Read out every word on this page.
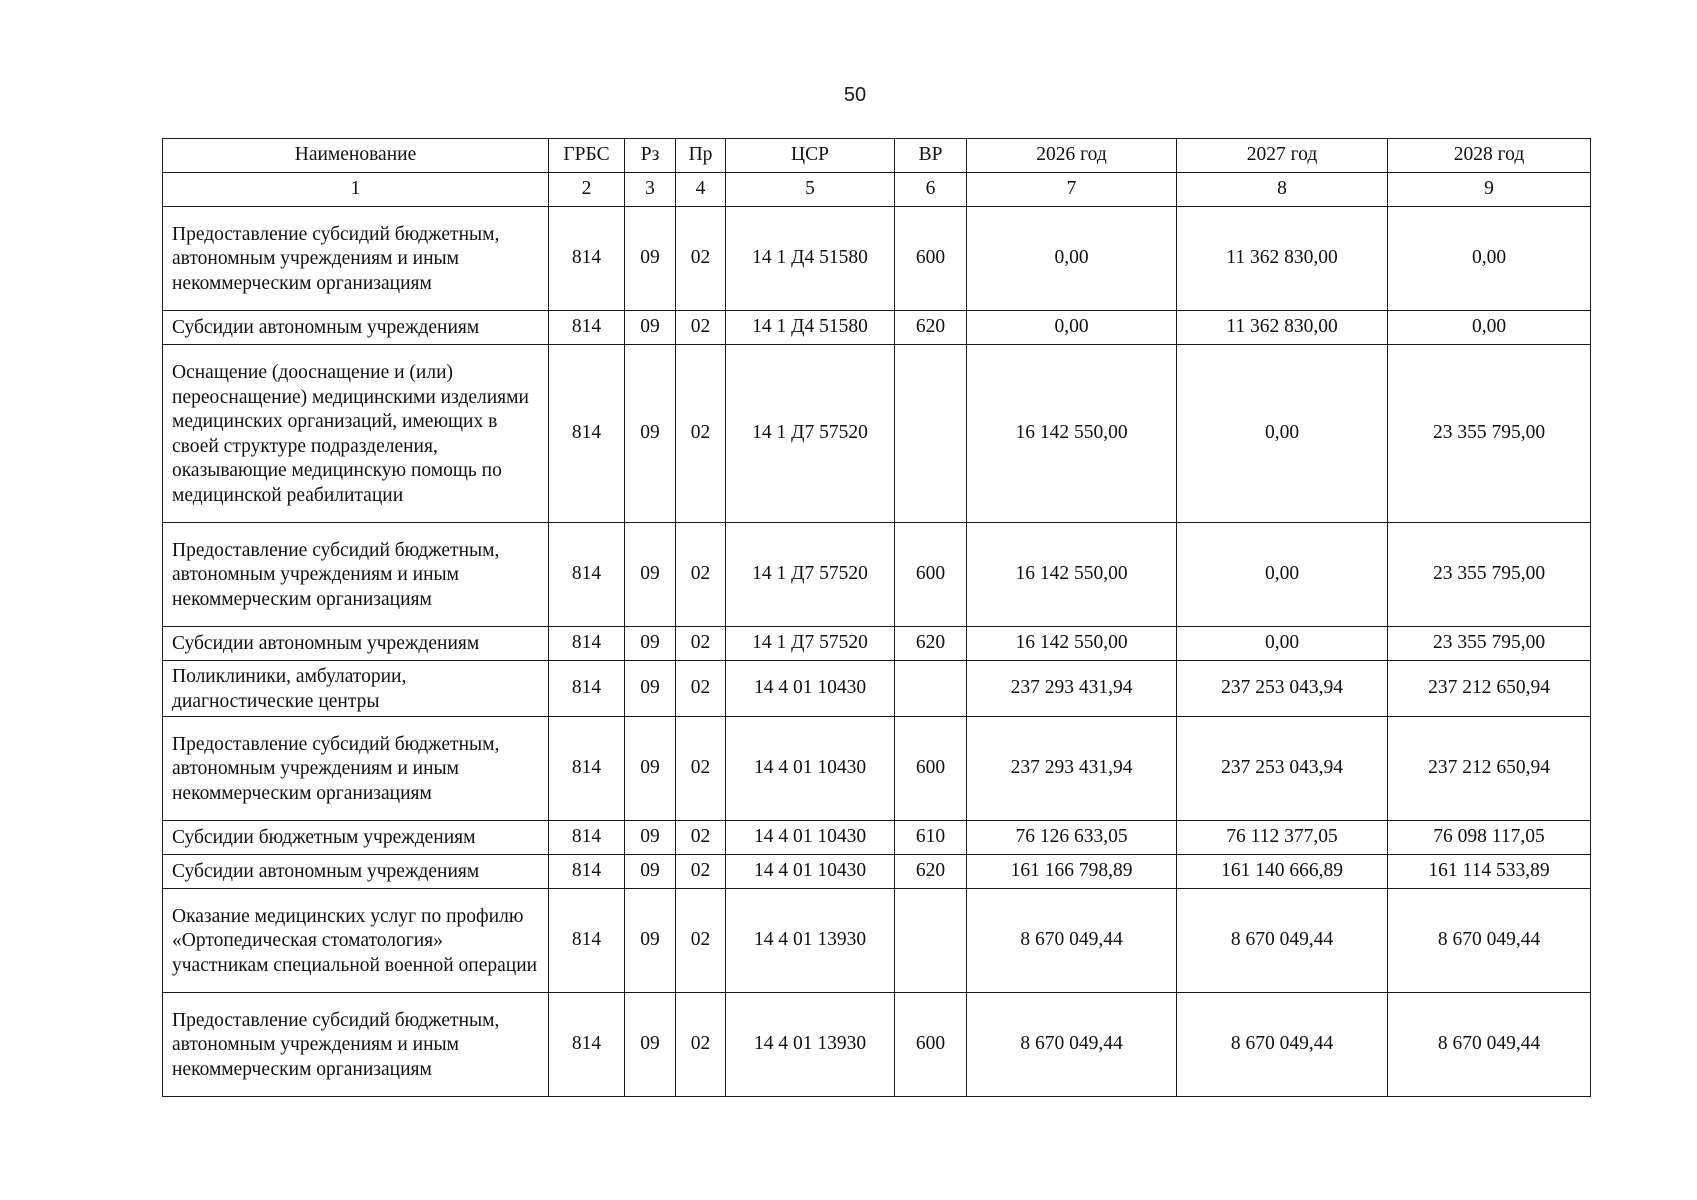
50
Наименование	ГРБС	Рз	Пр	ЦСР	ВР	2026 год	2027 год	2028 год
1	2	3	4	5	6	7	8	9
Предоставление субсидий бюджетным, автономным учреждениям и иным некоммерческим организациям	814	09	02	14 1 Д4 51580	600	0,00	11 362 830,00	0,00
Субсидии автономным учреждениям	814	09	02	14 1 Д4 51580	620	0,00	11 362 830,00	0,00
Оснащение (дооснащение и (или) переоснащение) медицинскими изделиями медицинских организаций, имеющих в своей структуре подразделения, оказывающие медицинскую помощь по медицинской реабилитации	814	09	02	14 1 Д7 57520		16 142 550,00	0,00	23 355 795,00
Предоставление субсидий бюджетным, автономным учреждениям и иным некоммерческим организациям	814	09	02	14 1 Д7 57520	600	16 142 550,00	0,00	23 355 795,00
Субсидии автономным учреждениям	814	09	02	14 1 Д7 57520	620	16 142 550,00	0,00	23 355 795,00
Поликлиники, амбулатории, диагностические центры	814	09	02	14 4 01 10430		237 293 431,94	237 253 043,94	237 212 650,94
Предоставление субсидий бюджетным, автономным учреждениям и иным некоммерческим организациям	814	09	02	14 4 01 10430	600	237 293 431,94	237 253 043,94	237 212 650,94
Субсидии бюджетным учреждениям	814	09	02	14 4 01 10430	610	76 126 633,05	76 112 377,05	76 098 117,05
Субсидии автономным учреждениям	814	09	02	14 4 01 10430	620	161 166 798,89	161 140 666,89	161 114 533,89
Оказание медицинских услуг по профилю «Ортопедическая стоматология» участникам специальной военной операции	814	09	02	14 4 01 13930		8 670 049,44	8 670 049,44	8 670 049,44
Предоставление субсидий бюджетным, автономным учреждениям и иным некоммерческим организациям	814	09	02	14 4 01 13930	600	8 670 049,44	8 670 049,44	8 670 049,44
